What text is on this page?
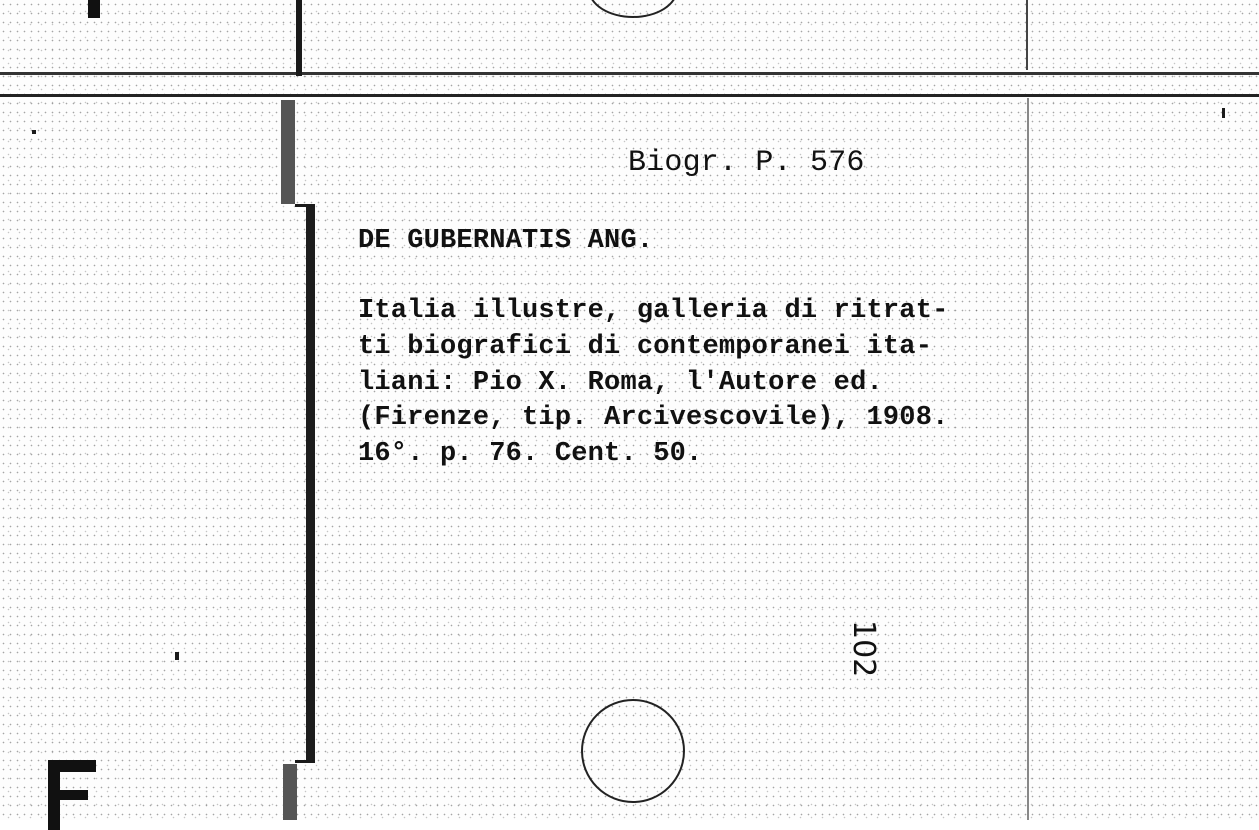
Biogr. P. 576
DE GUBERNATIS ANG.
Italia illustre, galleria di ritrat-
ti biografici di contemporanei ita-
liani: Pio X. Roma, l'Autore ed.
(Firenze, tip. Arcivescovile), 1908.
16°. p. 76. Cent. 50.
102
